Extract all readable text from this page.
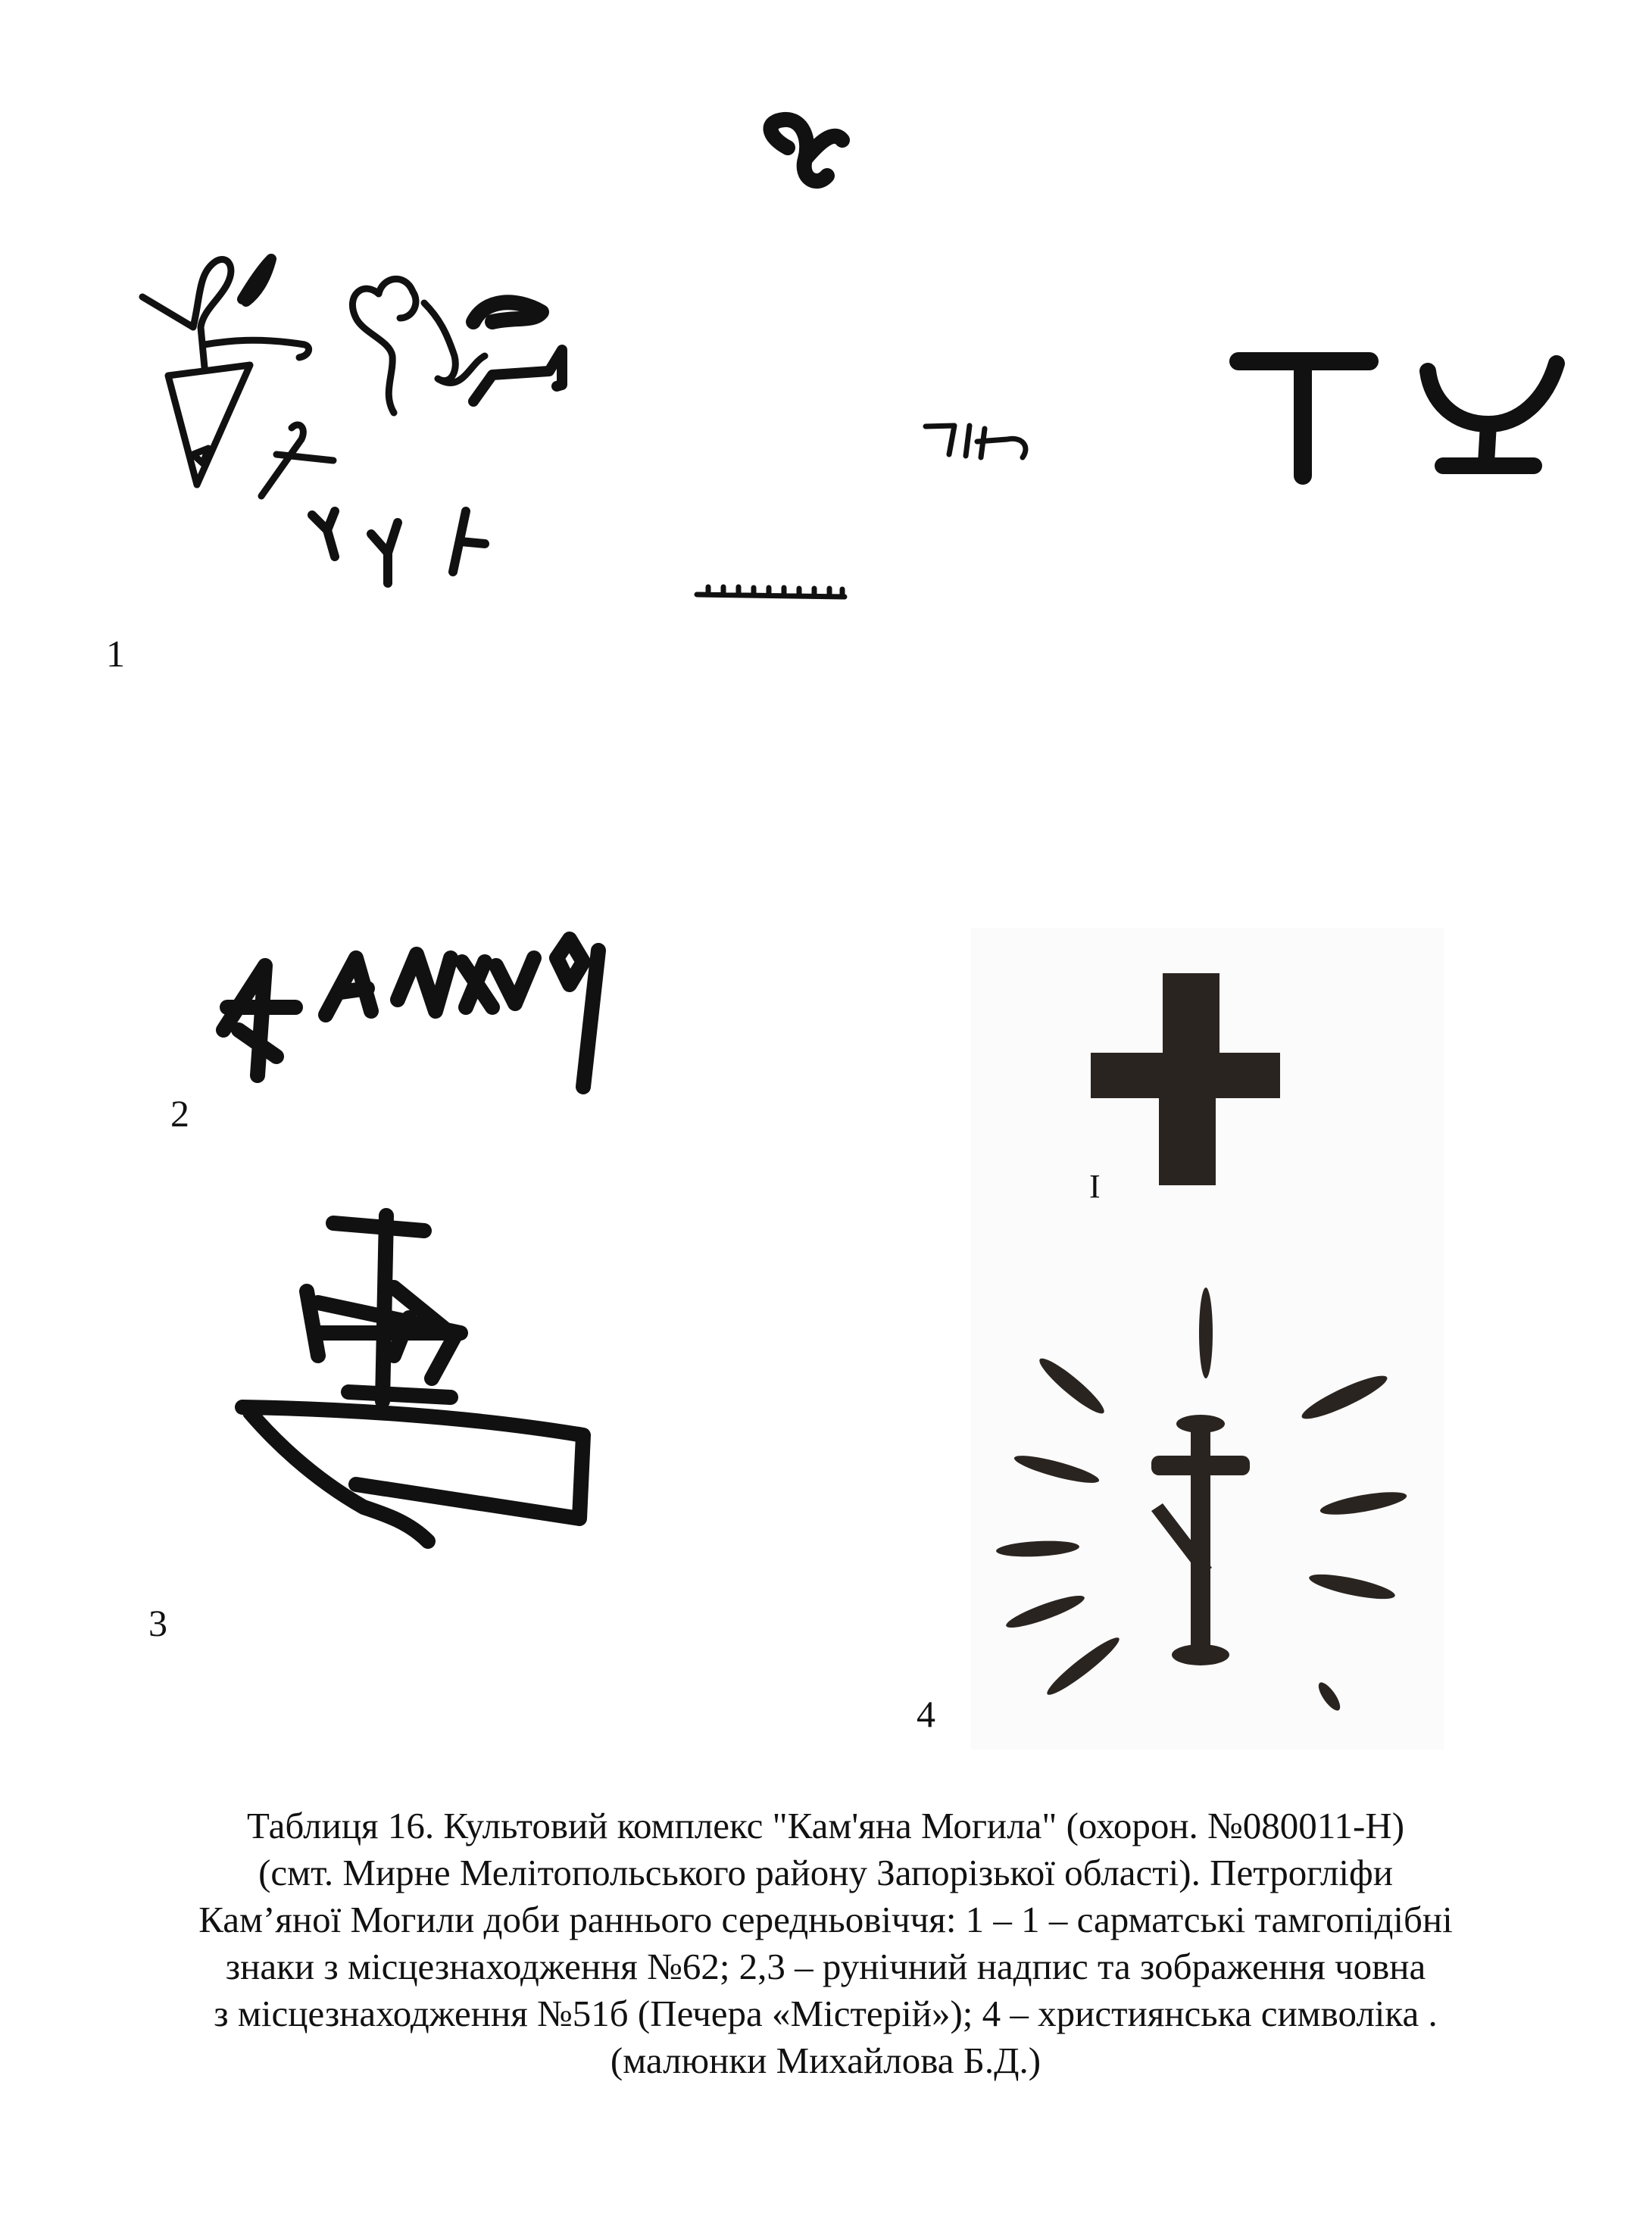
1
2
3
4
I
Таблиця 16. Культовий комплекс "Кам'яна Могила" (охорон. №080011-Н)
(смт. Мирне Мелітопольського району Запорізької області). Петрогліфи
Кам’яної Могили доби раннього середньовіччя: 1 – 1 – сарматські тамгопідібні
знаки з місцезнаходження №62; 2,3 – рунічний надпис та зображення човна
з місцезнаходження №51б (Печера «Містерій»); 4 – християнська символіка .
(малюнки Михайлова Б.Д.)
